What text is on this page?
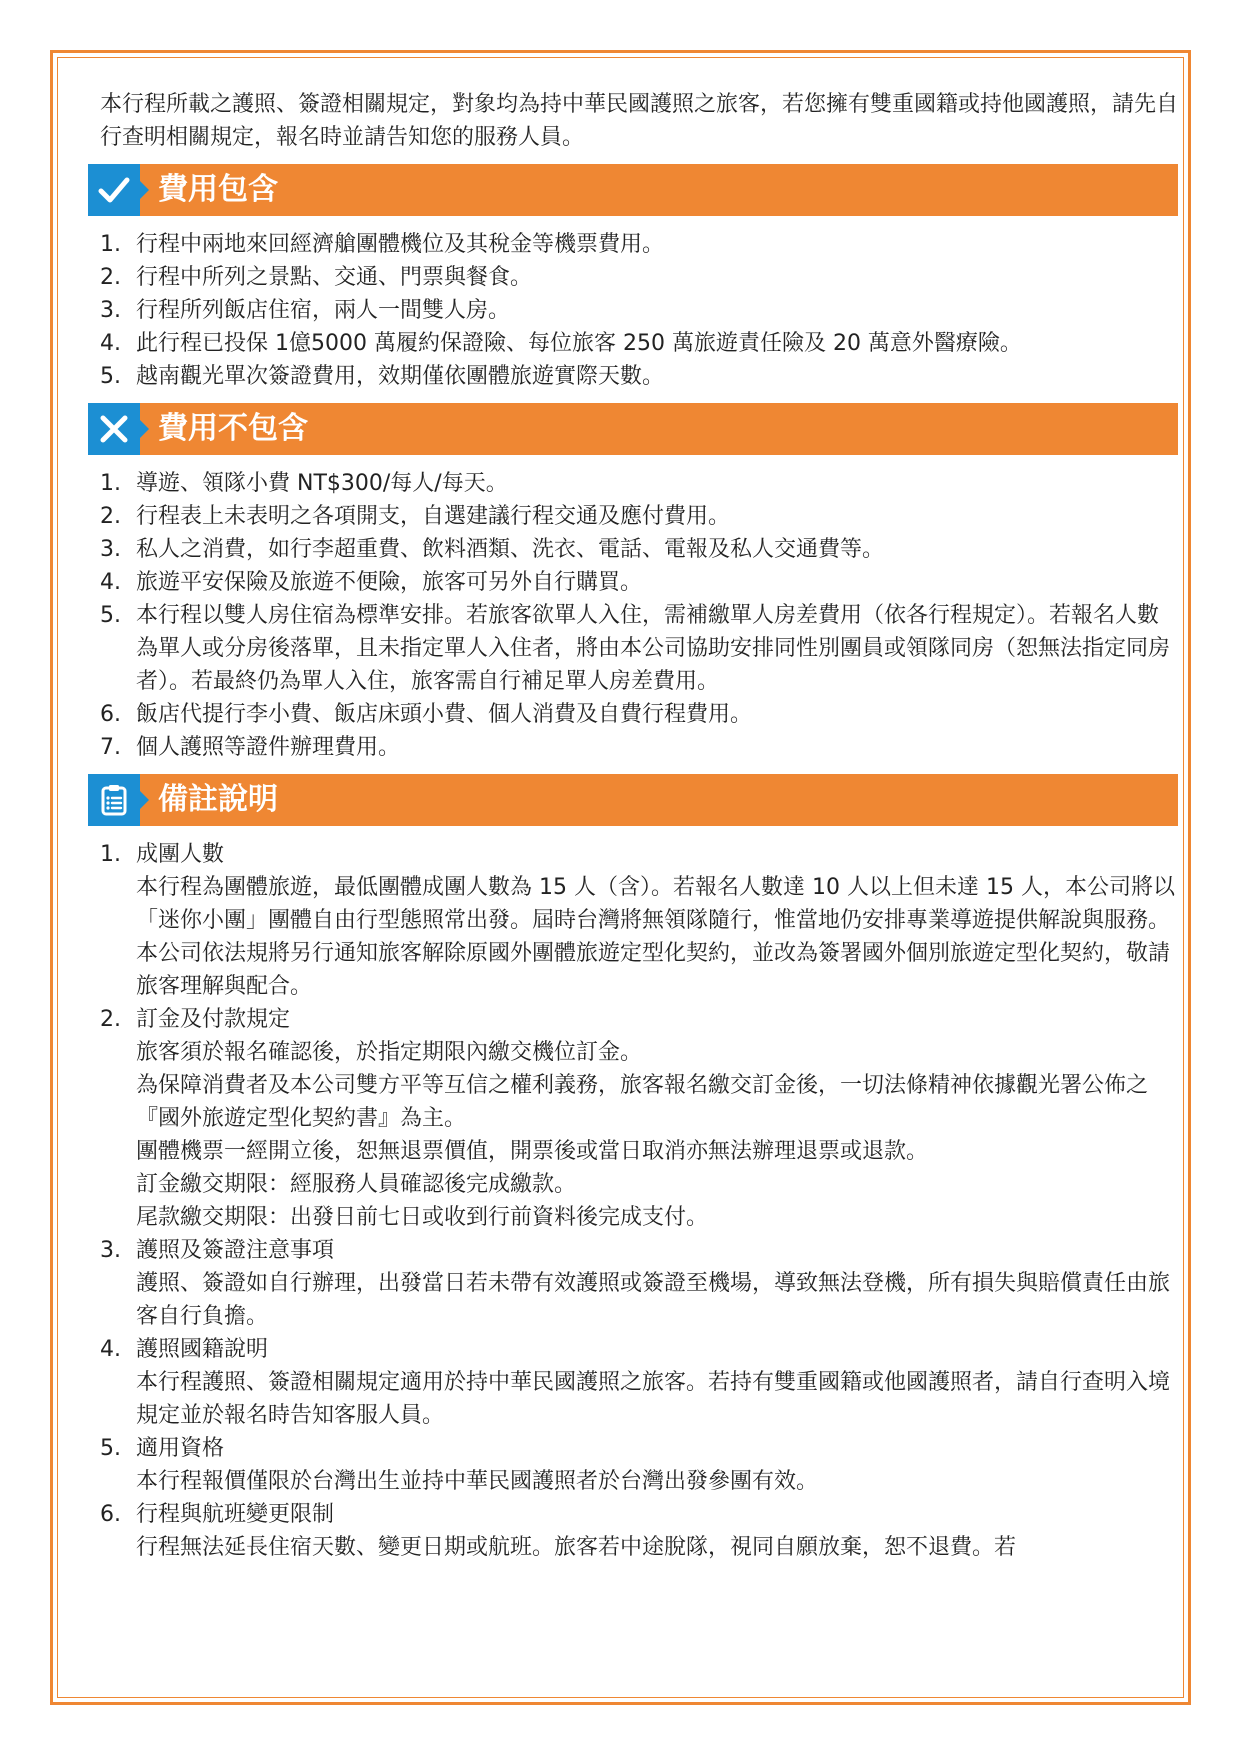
本行程所載之護照、簽證相關規定，對象均為持中華民國護照之旅客，若您擁有雙重國籍或持他國護照，請先自行查明相關規定，報名時並請告知您的服務人員。

費用包含
1. 行程中兩地來回經濟艙團體機位及其稅金等機票費用。
2. 行程中所列之景點、交通、門票與餐食。
3. 行程所列飯店住宿，兩人一間雙人房。
4. 此行程已投保 1億5000 萬履約保證險、每位旅客 250 萬旅遊責任險及 20 萬意外醫療險。
5. 越南觀光單次簽證費用，效期僅依團體旅遊實際天數。
費用不包含
1. 導遊、領隊小費 NT$300/每人/每天。
2. 行程表上未表明之各項開支，自選建議行程交通及應付費用。
3. 私人之消費，如行李超重費、飲料酒類、洗衣、電話、電報及私人交通費等。
4. 旅遊平安保險及旅遊不便險，旅客可另外自行購買。
5. 本行程以雙人房住宿為標準安排。若旅客欲單人入住，需補繳單人房差費用（依各行程規定）。若報名人數為單人或分房後落單，且未指定單人入住者，將由本公司協助安排同性別團員或領隊同房（恕無法指定同房者）。若最終仍為單人入住，旅客需自行補足單人房差費用。
6. 飯店代提行李小費、飯店床頭小費、個人消費及自費行程費用。
7. 個人護照等證件辦理費用。
備註說明
1. 成團人數
本行程為團體旅遊，最低團體成團人數為 15 人（含）。若報名人數達 10 人以上但未達 15 人，本公司將以「迷你小團」團體自由行型態照常出發。屆時台灣將無領隊隨行，惟當地仍安排專業導遊提供解說與服務。本公司依法規將另行通知旅客解除原國外團體旅遊定型化契約，並改為簽署國外個別旅遊定型化契約，敬請旅客理解與配合。
2. 訂金及付款規定
旅客須於報名確認後，於指定期限內繳交機位訂金。
為保障消費者及本公司雙方平等互信之權利義務，旅客報名繳交訂金後，一切法條精神依據觀光署公佈之『國外旅遊定型化契約書』為主。
團體機票一經開立後，恕無退票價值，開票後或當日取消亦無法辦理退票或退款。
訂金繳交期限：經服務人員確認後完成繳款。
尾款繳交期限：出發日前七日或收到行前資料後完成支付。
3. 護照及簽證注意事項
護照、簽證如自行辦理，出發當日若未帶有效護照或簽證至機場，導致無法登機，所有損失與賠償責任由旅客自行負擔。
4. 護照國籍說明
本行程護照、簽證相關規定適用於持中華民國護照之旅客。若持有雙重國籍或他國護照者，請自行查明入境規定並於報名時告知客服人員。
5. 適用資格
本行程報價僅限於台灣出生並持中華民國護照者於台灣出發參團有效。
6. 行程與航班變更限制
行程無法延長住宿天數、變更日期或航班。旅客若中途脫隊，視同自願放棄，恕不退費。若
